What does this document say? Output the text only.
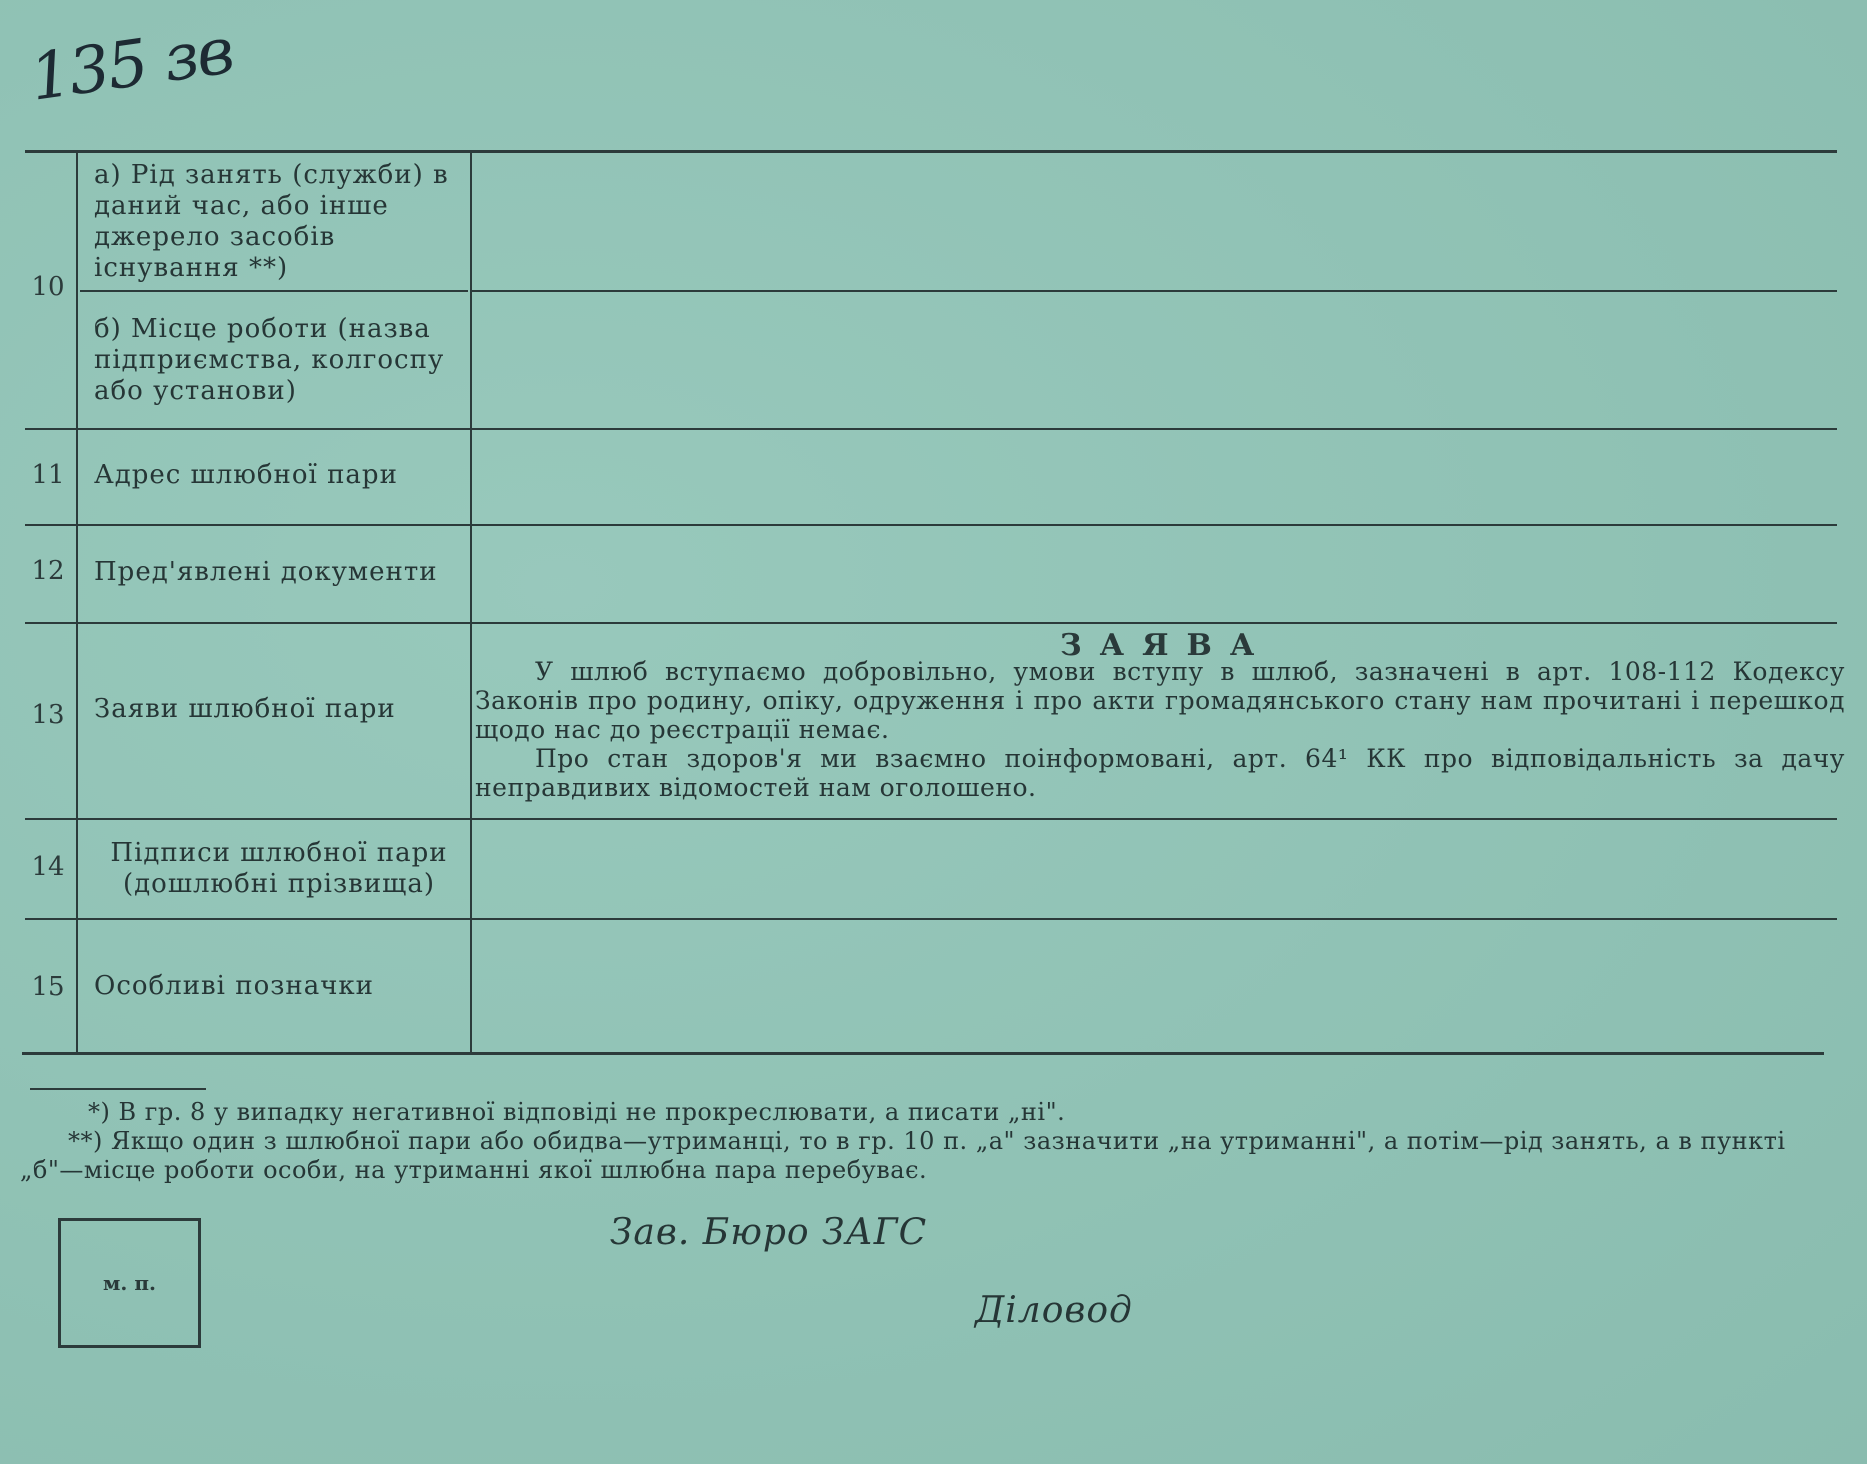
135 зв
10
11
12
13
14
15
а) Рід занять (служби) в даний час, або інше джерело засобів існування **)
б) Місце роботи (назва підприємства, колгоспу або установи)
Адрес шлюбної пари
Пред'явлені документи
Заяви шлюбної пари
Підписи шлюбної пари (дошлюбні прізвища)
Особливі позначки
ЗАЯВА

У шлюб вступаємо добровільно, умови вступу в шлюб, зазначені в арт. 108-112 Кодексу Законів про родину, опіку, одруження і про акти громадянського стану нам прочитані і перешкод щодо нас до реєстрації немає.

Про стан здоров'я ми взаємно поінформовані, арт. 64¹ КК про відповідальність за дачу неправдивих відомостей нам оголошено.

*) В гр. 8 у випадку негативної відповіді не прокреслювати, а писати „ні".

**) Якщо один з шлюбної пари або обидва—утриманці, то в гр. 10 п. „а" зазначити „на утриманні", а потім—рід занять, а в пункті „б"—місце роботи особи, на утриманні якої шлюбна пара перебуває.

м. п.
Зав. Бюро ЗАГС
Діловод
